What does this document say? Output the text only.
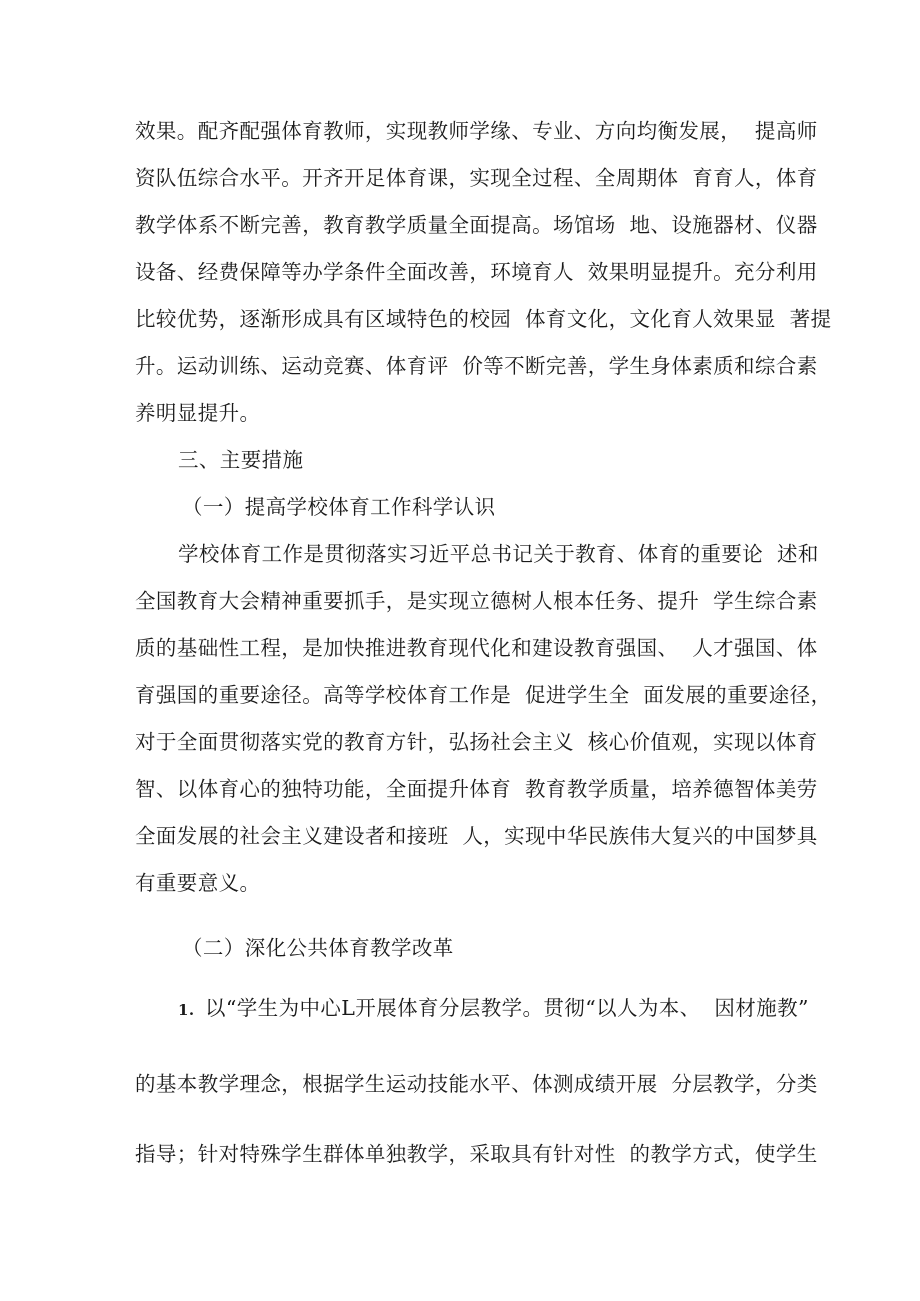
效果。配齐配强体育教师，实现教师学缘、专业、方向均衡发展，  提高师
资队伍综合水平。开齐开足体育课，实现全过程、全周期体  育育人，体育
教学体系不断完善，教育教学质量全面提高。场馆场  地、设施器材、仪器
设备、经费保障等办学条件全面改善，环境育人  效果明显提升。充分利用
比较优势，逐渐形成具有区域特色的校园  体育文化，文化育人效果显  著提
升。运动训练、运动竞赛、体育评  价等不断完善，学生身体素质和综合素
养明显提升。
三、主要措施
（一）提高学校体育工作科学认识
学校体育工作是贯彻落实习近平总书记关于教育、体育的重要论  述和
全国教育大会精神重要抓手，是实现立德树人根本任务、提升  学生综合素
质的基础性工程，是加快推进教育现代化和建设教育强国、  人才强国、体
育强国的重要途径。高等学校体育工作是  促进学生全  面发展的重要途径，
对于全面贯彻落实党的教育方针，弘扬社会主义  核心价值观，实现以体育
智、以体育心的独特功能，全面提升体育  教育教学质量，培养德智体美劳
全面发展的社会主义建设者和接班  人，实现中华民族伟大复兴的中国梦具
有重要意义。
（二）深化公共体育教学改革
1. 以“学生为中心L开展体育分层教学。贯彻“以人为本、  因材施教”
的基本教学理念，根据学生运动技能水平、体测成绩开展  分层教学，分类
指导；针对特殊学生群体单独教学，采取具有针对性  的教学方式，使学生
